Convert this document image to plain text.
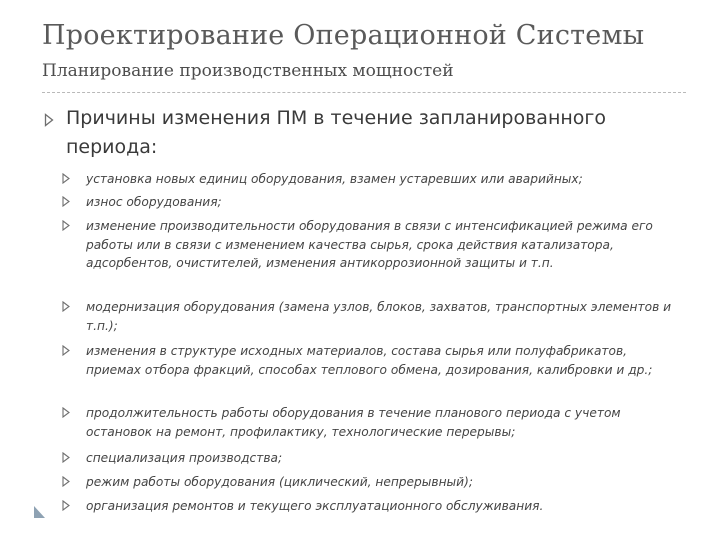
Проектирование Операционной Системы
Планирование производственных мощностей
Причины изменения ПМ в течение запланированного периода:
установка новых единиц оборудования, взамен устаревших или аварийных;
износ оборудования;
изменение производительности оборудования в связи с интенсификацией режима его работы или в связи с изменением качества сырья, срока действия катализатора, адсорбентов, очистителей, изменения антикоррозионной защиты и т.п.
модернизация оборудования (замена узлов, блоков, захватов, транспортных элементов и т.п.);
изменения в структуре исходных материалов, состава сырья или полуфабрикатов, приемах отбора фракций, способах теплового обмена, дозирования, калибровки и др.;
продолжительность работы оборудования в течение планового периода с учетом остановок на ремонт, профилактику, технологические перерывы;
специализация производства;
режим работы оборудования (циклический, непрерывный);
организация ремонтов и текущего эксплуатационного обслуживания.
